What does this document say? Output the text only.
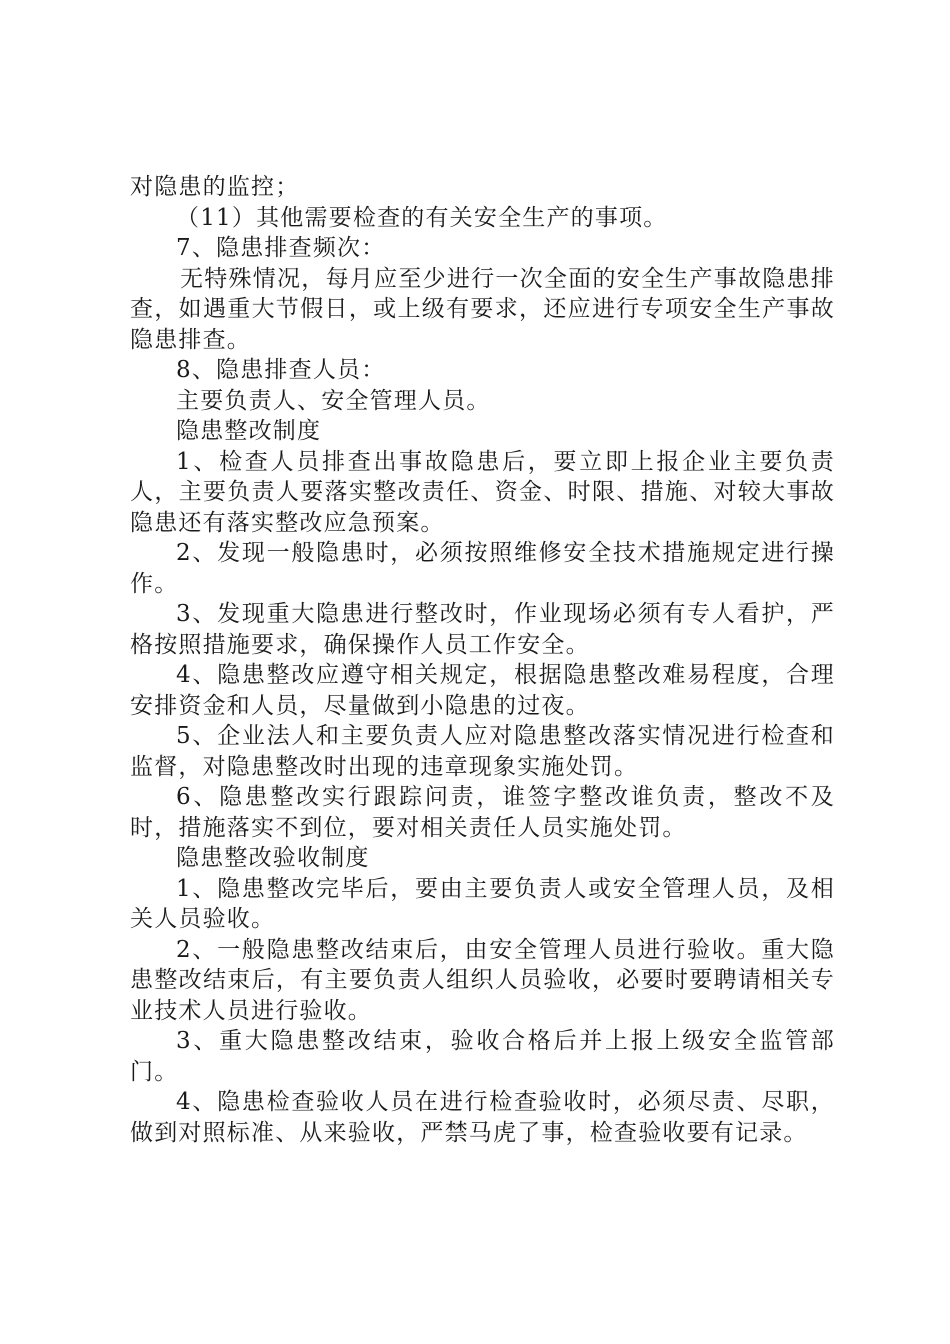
对隐患的监控；

（11）其他需要检查的有关安全生产的事项。

7、隐患排查频次：

无特殊情况，每月应至少进行一次全面的安全生产事故隐患排查，如遇重大节假日，或上级有要求，还应进行专项安全生产事故隐患排查。

8、隐患排查人员：

主要负责人、安全管理人员。

隐患整改制度

1、检查人员排查出事故隐患后，要立即上报企业主要负责人，主要负责人要落实整改责任、资金、时限、措施、对较大事故隐患还有落实整改应急预案。

2、发现一般隐患时，必须按照维修安全技术措施规定进行操作。

3、发现重大隐患进行整改时，作业现场必须有专人看护，严格按照措施要求，确保操作人员工作安全。

4、隐患整改应遵守相关规定，根据隐患整改难易程度，合理安排资金和人员，尽量做到小隐患的过夜。

5、企业法人和主要负责人应对隐患整改落实情况进行检查和监督，对隐患整改时出现的违章现象实施处罚。

6、隐患整改实行跟踪问责，谁签字整改谁负责，整改不及时，措施落实不到位，要对相关责任人员实施处罚。

隐患整改验收制度

1、隐患整改完毕后，要由主要负责人或安全管理人员，及相关人员验收。

2、一般隐患整改结束后，由安全管理人员进行验收。重大隐患整改结束后，有主要负责人组织人员验收，必要时要聘请相关专业技术人员进行验收。

3、重大隐患整改结束，验收合格后并上报上级安全监管部门。

4、隐患检查验收人员在进行检查验收时，必须尽责、尽职，做到对照标准、从来验收，严禁马虎了事，检查验收要有记录。
